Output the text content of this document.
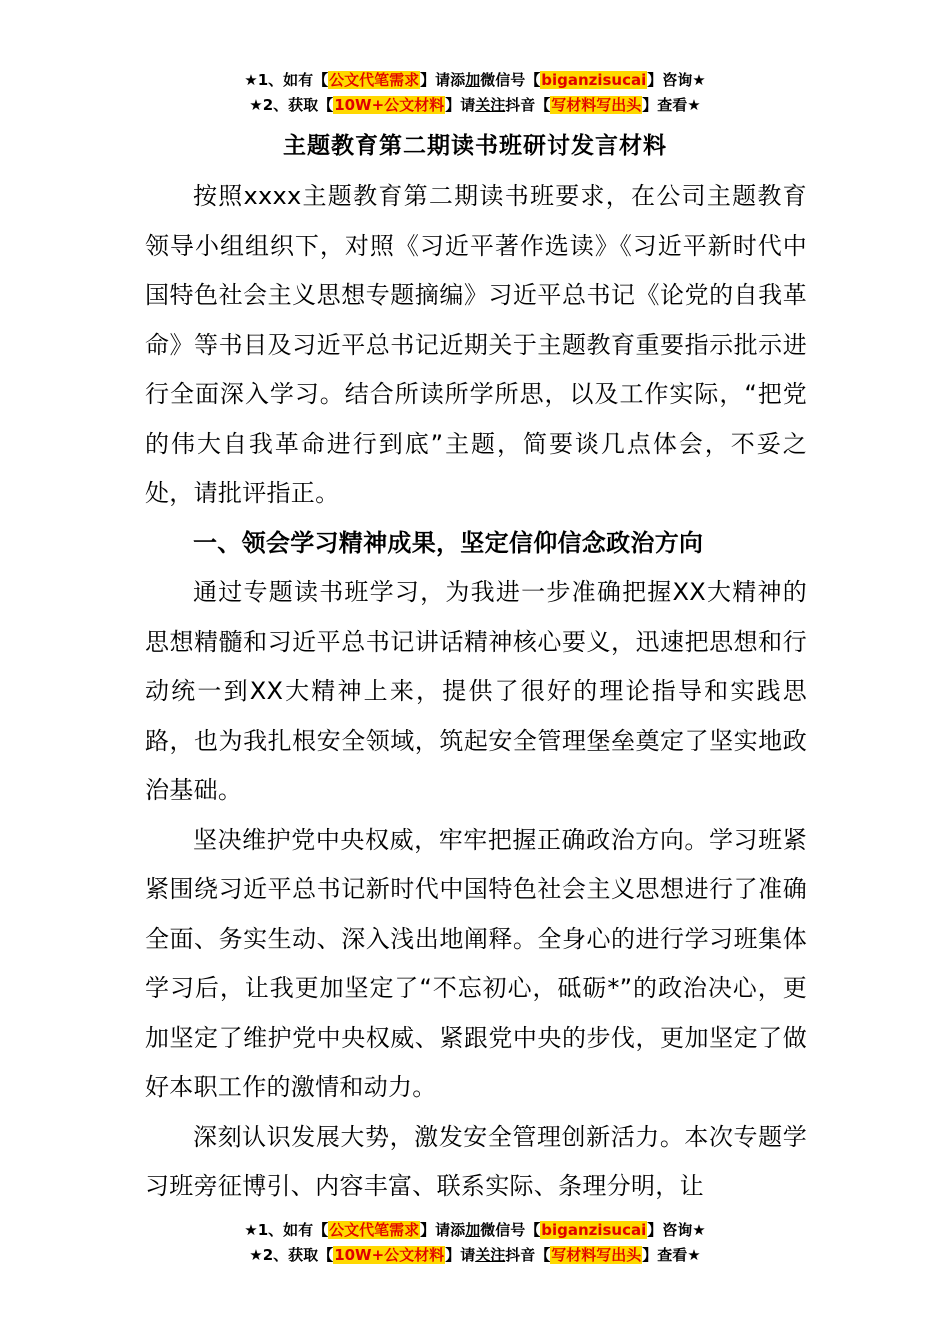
★1、如有【公文代笔需求】请添加微信号【biganzisucai】咨询★
★2、获取【10W+公文材料】请关注抖音【写材料写出头】查看★
主题教育第二期读书班研讨发言材料

按照xxxx主题教育第二期读书班要求，在公司主题教育领导小组组织下，对照《习近平著作选读》《习近平新时代中国特色社会主义思想专题摘编》习近平总书记《论党的自我革命》等书目及习近平总书记近期关于主题教育重要指示批示进行全面深入学习。结合所读所学所思，以及工作实际，“把党的伟大自我革命进行到底”主题，简要谈几点体会，不妥之处，请批评指正。

一、领会学习精神成果，坚定信仰信念政治方向

通过专题读书班学习，为我进一步准确把握XX大精神的思想精髓和习近平总书记讲话精神核心要义，迅速把思想和行动统一到XX大精神上来，提供了很好的理论指导和实践思路，也为我扎根安全领域，筑起安全管理堡垒奠定了坚实地政治基础。

坚决维护党中央权威，牢牢把握正确政治方向。学习班紧紧围绕习近平总书记新时代中国特色社会主义思想进行了准确全面、务实生动、深入浅出地阐释。全身心的进行学习班集体学习后，让我更加坚定了“不忘初心，砥砺*”的政治决心，更加坚定了维护党中央权威、紧跟党中央的步伐，更加坚定了做好本职工作的激情和动力。

深刻认识发展大势，激发安全管理创新活力。本次专题学习班旁征博引、内容丰富、联系实际、条理分明，让

★1、如有【公文代笔需求】请添加微信号【biganzisucai】咨询★
★2、获取【10W+公文材料】请关注抖音【写材料写出头】查看★
